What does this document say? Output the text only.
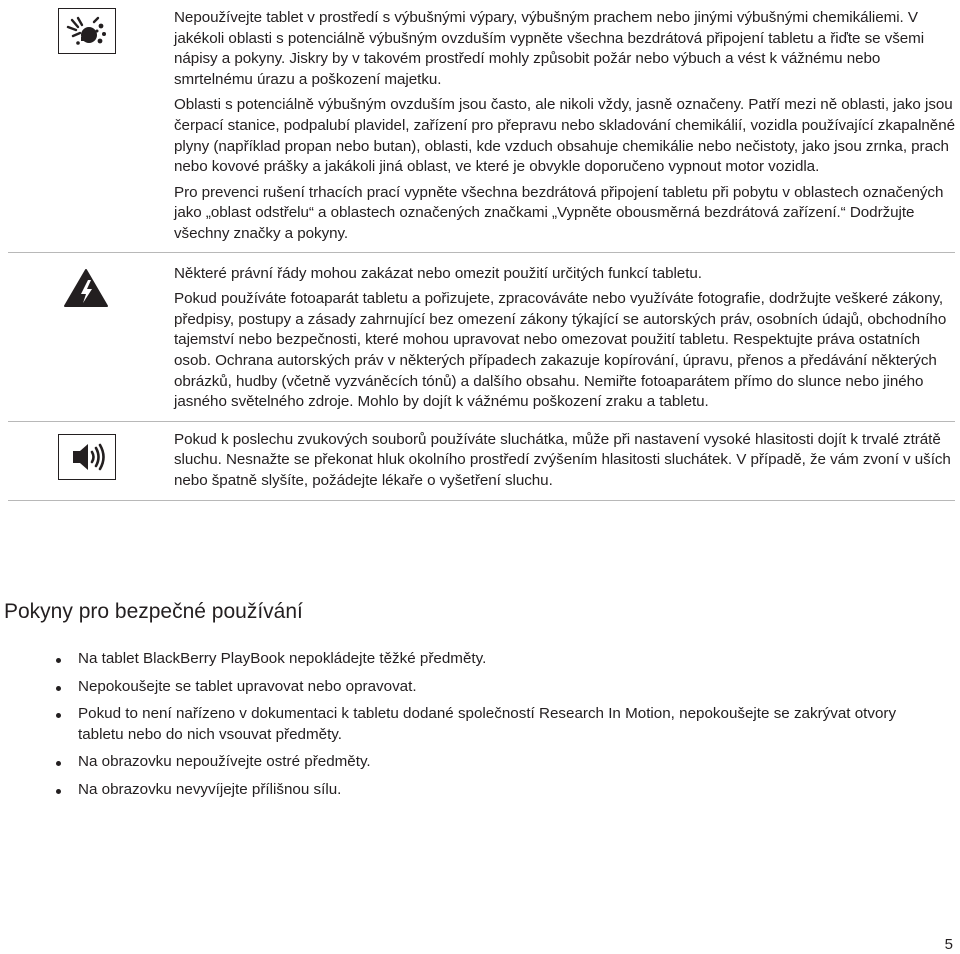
Nepoužívejte tablet v prostředí s výbušnými výpary, výbušným prachem nebo jinými výbušnými chemikáliemi. V jakékoli oblasti s potenciálně výbušným ovzduším vypněte všechna bezdrátová připojení tabletu a řiďte se všemi nápisy a pokyny. Jiskry by v takovém prostředí mohly způsobit požár nebo výbuch a vést k vážnému nebo smrtelnému úrazu a poškození majetku.

Oblasti s potenciálně výbušným ovzduším jsou často, ale nikoli vždy, jasně označeny. Patří mezi ně oblasti, jako jsou čerpací stanice, podpalubí plavidel, zařízení pro přepravu nebo skladování chemikálií, vozidla používající zkapalněné plyny (například propan nebo butan), oblasti, kde vzduch obsahuje chemikálie nebo nečistoty, jako jsou zrnka, prach nebo kovové prášky a jakákoli jiná oblast, ve které je obvykle doporučeno vypnout motor vozidla.

Pro prevenci rušení trhacích prací vypněte všechna bezdrátová připojení tabletu při pobytu v oblastech označených jako „oblast odstřelu“ a oblastech označených značkami „Vypněte obousměrná bezdrátová zařízení.“ Dodržujte všechny značky a pokyny.

Některé právní řády mohou zakázat nebo omezit použití určitých funkcí tabletu.

Pokud používáte fotoaparát tabletu a pořizujete, zpracováváte nebo využíváte fotografie, dodržujte veškeré zákony, předpisy, postupy a zásady zahrnující bez omezení zákony týkající se autorských práv, osobních údajů, obchodního tajemství nebo bezpečnosti, které mohou upravovat nebo omezovat použití tabletu. Respektujte práva ostatních osob. Ochrana autorských práv v některých případech zakazuje kopírování, úpravu, přenos a předávání některých obrázků, hudby (včetně vyzváněcích tónů) a dalšího obsahu. Nemiřte fotoaparátem přímo do slunce nebo jiného jasného světelného zdroje. Mohlo by dojít k vážnému poškození zraku a tabletu.

Pokud k poslechu zvukových souborů používáte sluchátka, může při nastavení vysoké hlasitosti dojít k trvalé ztrátě sluchu. Nesnažte se překonat hluk okolního prostředí zvýšením hlasitosti sluchátek. V případě, že vám zvoní v uších nebo špatně slyšíte, požádejte lékaře o vyšetření sluchu.

Pokyny pro bezpečné používání
Na tablet BlackBerry PlayBook nepokládejte těžké předměty.
Nepokoušejte se tablet upravovat nebo opravovat.
Pokud to není nařízeno v dokumentaci k tabletu dodané společností Research In Motion, nepokoušejte se zakrývat otvory tabletu nebo do nich vsouvat předměty.
Na obrazovku nepoužívejte ostré předměty.
Na obrazovku nevyvíjejte přílišnou sílu.
5
